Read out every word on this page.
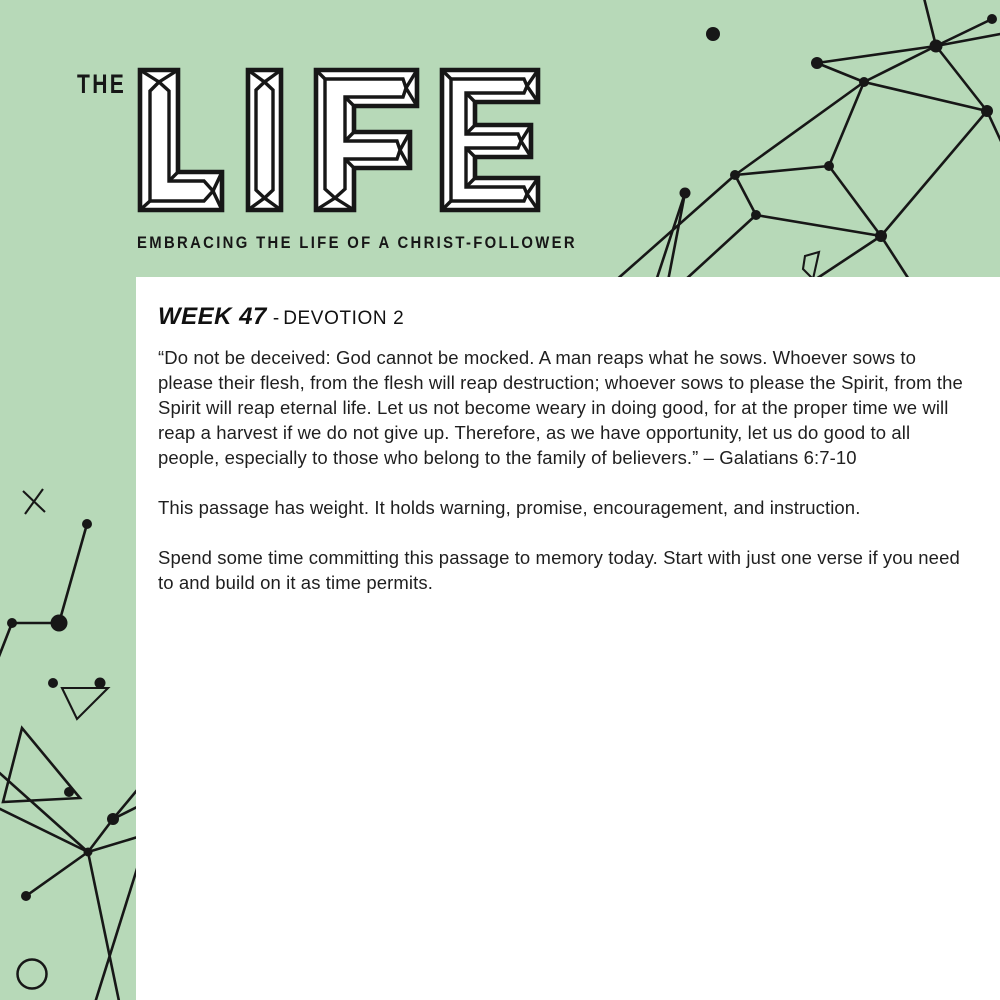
THE
EMBRACING THE LIFE OF A CHRIST-FOLLOWER
WEEK 47 - DEVOTION 2

“Do not be deceived: God cannot be mocked. A man reaps what he sows. Whoever sows to please their flesh, from the flesh will reap destruction; whoever sows to please the Spirit, from the Spirit will reap eternal life. Let us not become weary in doing good, for at the proper time we will reap a harvest if we do not give up. Therefore, as we have opportunity, let us do good to all people, especially to those who belong to the family of believers.” – Galatians 6:7-10

This passage has weight. It holds warning, promise, encouragement, and instruction.

Spend some time committing this passage to memory today. Start with just one verse if you need to and build on it as time permits.
